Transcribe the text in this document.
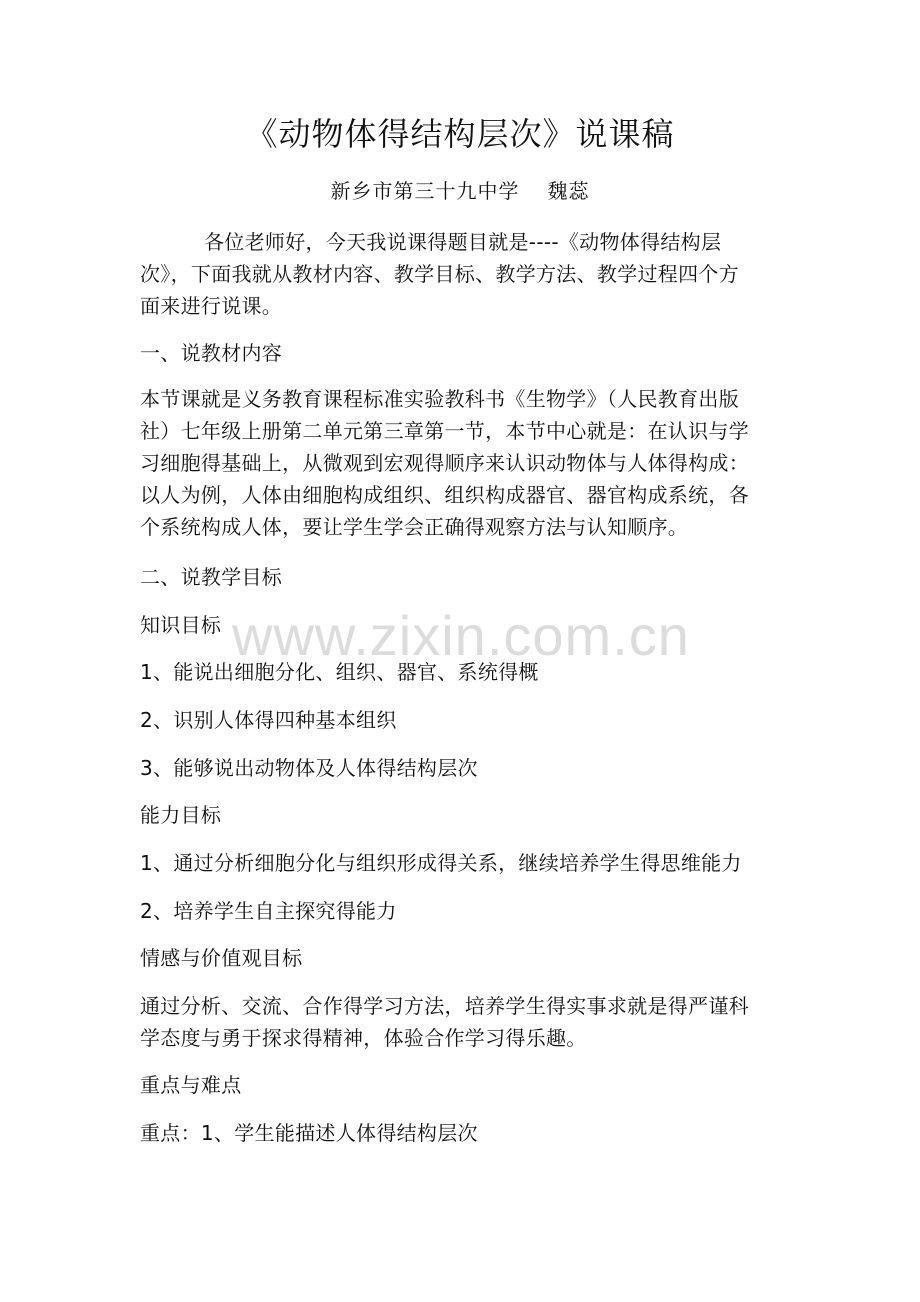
《动物体得结构层次》说课稿
新乡市第三十九中学 魏蕊
各位老师好，今天我说课得题目就是----《动物体得结构层
次》，下面我就从教材内容、教学目标、教学方法、教学过程四个方
面来进行说课。
一、说教材内容
本节课就是义务教育课程标准实验教科书《生物学》（人民教育出版
社）七年级上册第二单元第三章第一节，本节中心就是：在认识与学
习细胞得基础上，从微观到宏观得顺序来认识动物体与人体得构成：
以人为例，人体由细胞构成组织、组织构成器官、器官构成系统，各
个系统构成人体，要让学生学会正确得观察方法与认知顺序。
二、说教学目标
知识目标
1、能说出细胞分化、组织、器官、系统得概
2、识别人体得四种基本组织
3、能够说出动物体及人体得结构层次
能力目标
1、通过分析细胞分化与组织形成得关系，继续培养学生得思维能力
2、培养学生自主探究得能力
情感与价值观目标
通过分析、交流、合作得学习方法，培养学生得实事求就是得严谨科
学态度与勇于探求得精神，体验合作学习得乐趣。
重点与难点
重点：1、学生能描述人体得结构层次
www.zixin.com.cn
